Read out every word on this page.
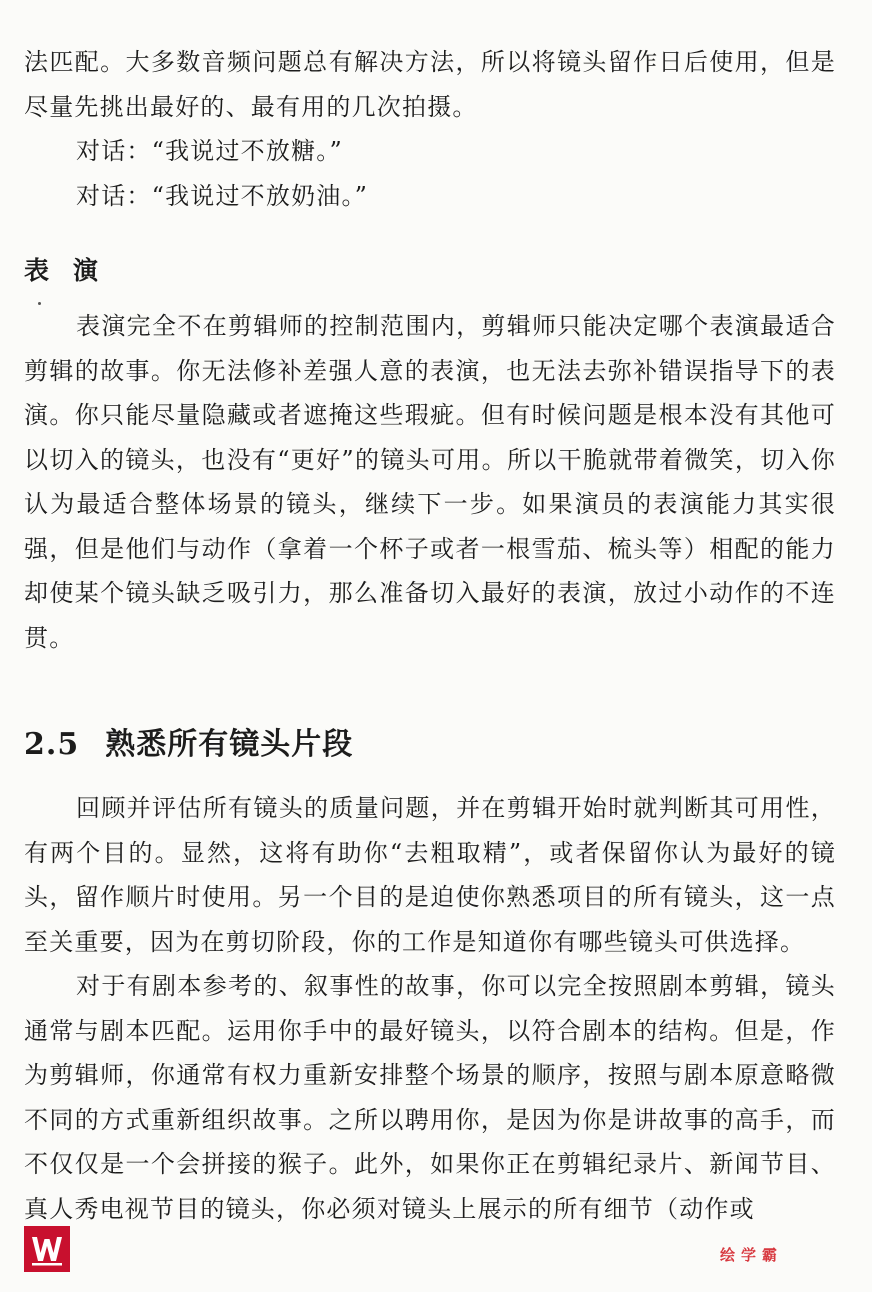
法匹配。大多数音频问题总有解决方法，所以将镜头留作日后使用，但是尽量先挑出最好的、最有用的几次拍摄。

对话：“我说过不放糖。”

对话：“我说过不放奶油。”

表演

表演完全不在剪辑师的控制范围内，剪辑师只能决定哪个表演最适合剪辑的故事。你无法修补差强人意的表演，也无法去弥补错误指导下的表演。你只能尽量隐藏或者遮掩这些瑕疵。但有时候问题是根本没有其他可以切入的镜头，也没有“更好”的镜头可用。所以干脆就带着微笑，切入你认为最适合整体场景的镜头，继续下一步。如果演员的表演能力其实很强，但是他们与动作（拿着一个杯子或者一根雪茄、梳头等）相配的能力却使某个镜头缺乏吸引力，那么准备切入最好的表演，放过小动作的不连贯。

2.5 熟悉所有镜头片段

回顾并评估所有镜头的质量问题，并在剪辑开始时就判断其可用性，有两个目的。显然，这将有助你“去粗取精”，或者保留你认为最好的镜头，留作顺片时使用。另一个目的是迫使你熟悉项目的所有镜头，这一点至关重要，因为在剪切阶段，你的工作是知道你有哪些镜头可供选择。

对于有剧本参考的、叙事性的故事，你可以完全按照剧本剪辑，镜头通常与剧本匹配。运用你手中的最好镜头，以符合剧本的结构。但是，作为剪辑师，你通常有权力重新安排整个场景的顺序，按照与剧本原意略微不同的方式重新组织故事。之所以聘用你，是因为你是讲故事的高手，而不仅仅是一个会拼接的猴子。此外，如果你正在剪辑纪录片、新闻节目、真人秀电视节目的镜头，你必须对镜头上展示的所有细节（动作或

绘学霸
